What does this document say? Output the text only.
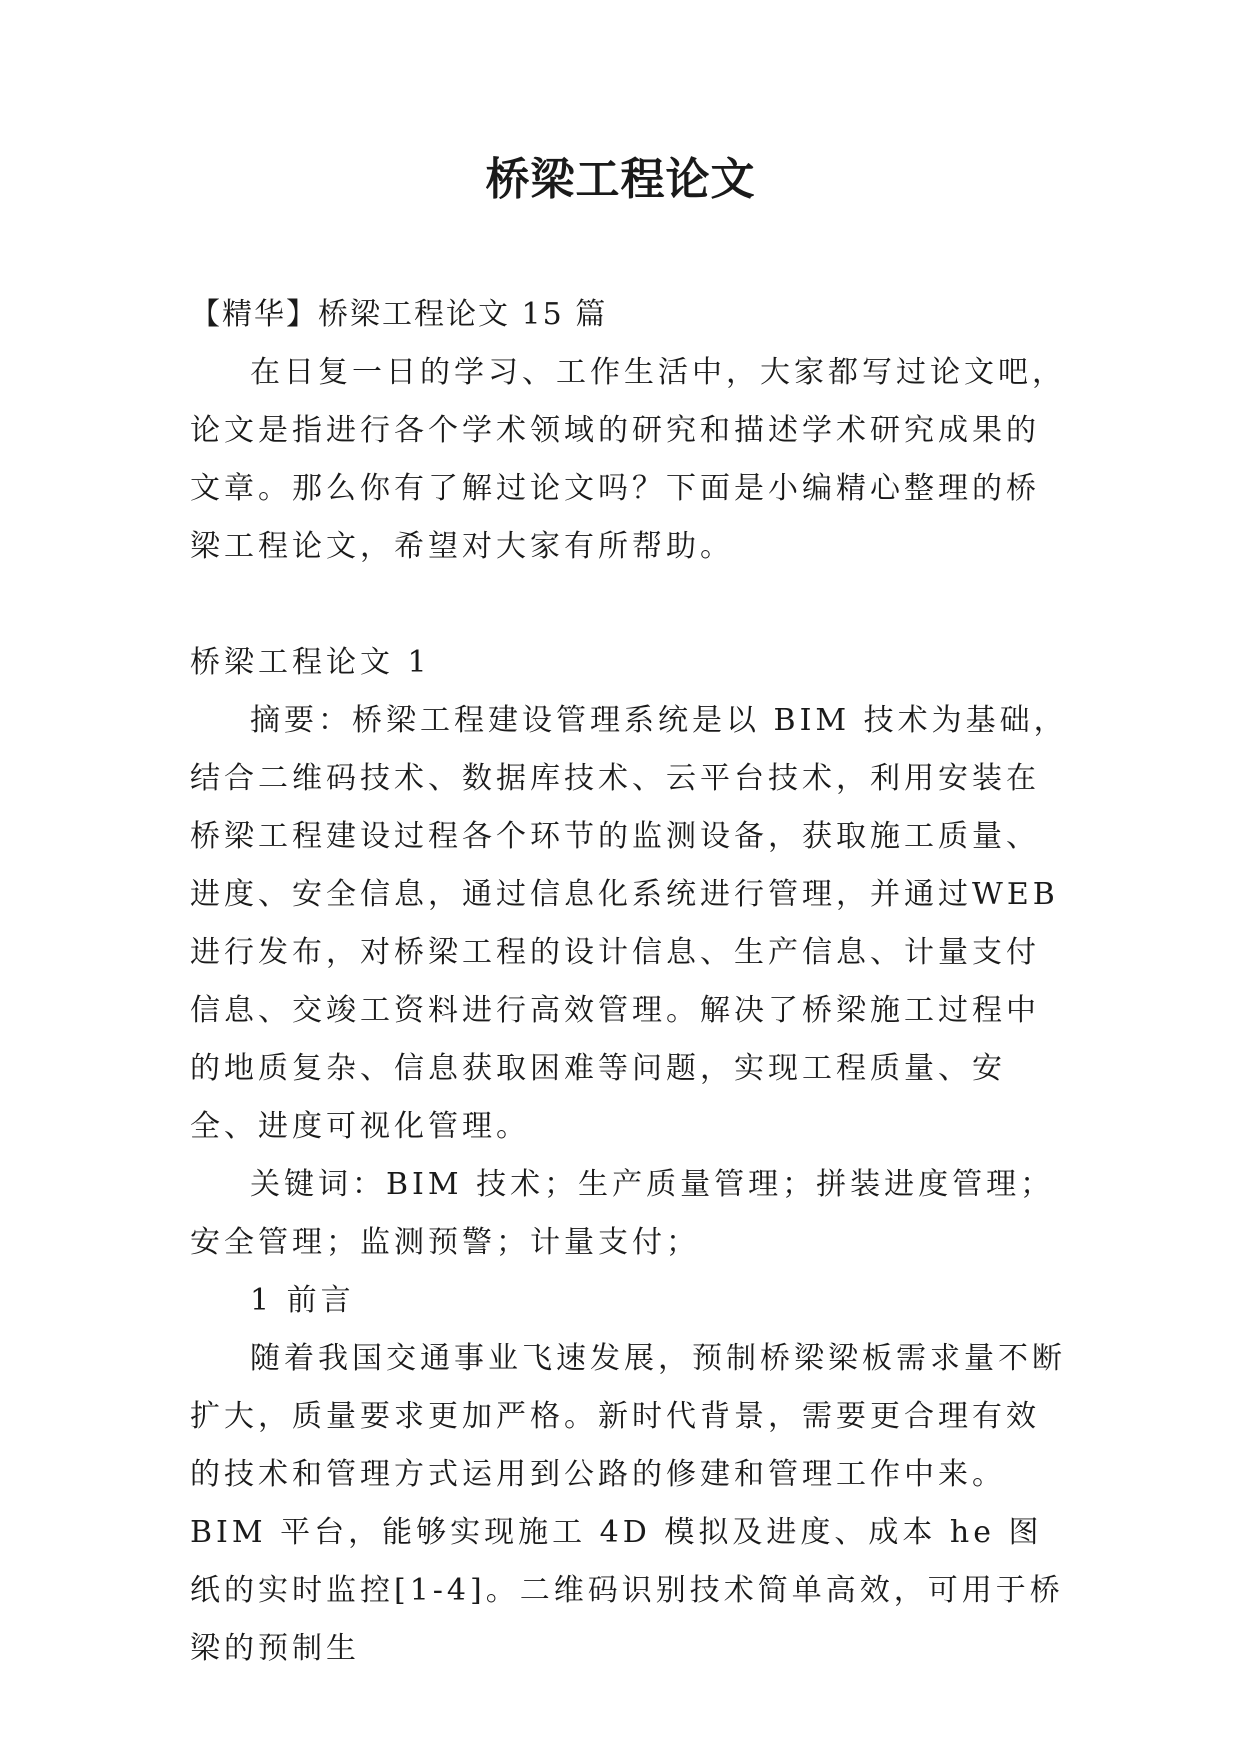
桥梁工程论文

【精华】桥梁工程论文 15 篇

在日复一日的学习、工作生活中，大家都写过论文吧，论文是指进行各个学术领域的研究和描述学术研究成果的文章。那么你有了解过论文吗？下面是小编精心整理的桥梁工程论文，希望对大家有所帮助。

桥梁工程论文 1

摘要：桥梁工程建设管理系统是以 BIM 技术为基础，结合二维码技术、数据库技术、云平台技术，利用安装在桥梁工程建设过程各个环节的监测设备，获取施工质量、进度、安全信息，通过信息化系统进行管理，并通过WEB进行发布，对桥梁工程的设计信息、生产信息、计量支付信息、交竣工资料进行高效管理。解决了桥梁施工过程中的地质复杂、信息获取困难等问题，实现工程质量、安全、进度可视化管理。

关键词：BIM 技术；生产质量管理；拼装进度管理；安全管理；监测预警；计量支付；

1 前言

随着我国交通事业飞速发展，预制桥梁梁板需求量不断扩大，质量要求更加严格。新时代背景，需要更合理有效的技术和管理方式运用到公路的修建和管理工作中来。BIM 平台，能够实现施工 4D 模拟及进度、成本 he 图纸的实时监控[1-4]。二维码识别技术简单高效，可用于桥梁的预制生
